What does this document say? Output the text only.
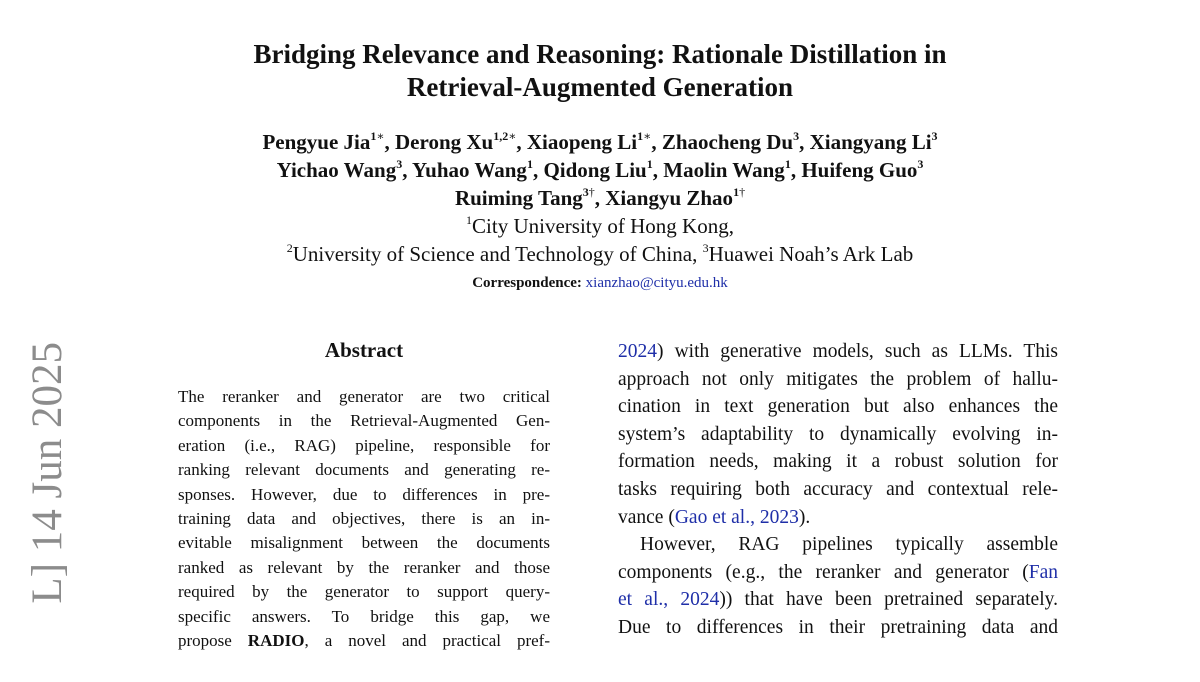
L] 14 Jun 2025
Bridging Relevance and Reasoning: Rationale Distillation in
Retrieval-Augmented Generation
Pengyue Jia$^{1∗}$, Derong $Xu^{1,2∗}$, Xiaopeng $Li^{1∗}$, Zhaocheng Du$^3$, Xiangyang Li$^3$
Yichao Wang$^3$, Yuhao Wang$^1$, Qidong Liu$^1$, Maolin Wang$^1$, Huifeng Guo$^3$
Ruiming Tang$^{3\dagger}$, Xiangyu Zhao$^{1\dagger}$
$^1$City University of Hong Kong,
$^2$University of Science and Technology of China, $^3$Huawei Noah’s Ark Lab
Correspondence: xianzhao@cityu.edu.hk
Abstract
The reranker and generator are two critical
components in the Retrieval-Augmented Gen-
eration (i.e., RAG) pipeline, responsible for
ranking relevant documents and generating re-
sponses. However, due to differences in pre-
training data and objectives, there is an in-
evitable misalignment between the documents
ranked as relevant by the reranker and those
required by the generator to support query-
specific answers. To bridge this gap, we
propose RADIO, a novel and practical pref-
2024) with generative models, such as LLMs. This
approach not only mitigates the problem of hallu-
cination in text generation but also enhances the
system’s adaptability to dynamically evolving in-
formation needs, making it a robust solution for
tasks requiring both accuracy and contextual rele-
vance (Gao et al., 2023).
However, RAG pipelines typically assemble
components (e.g., the reranker and generator (Fan
et al., 2024)) that have been pretrained separately.
Due to differences in their pretraining data and
